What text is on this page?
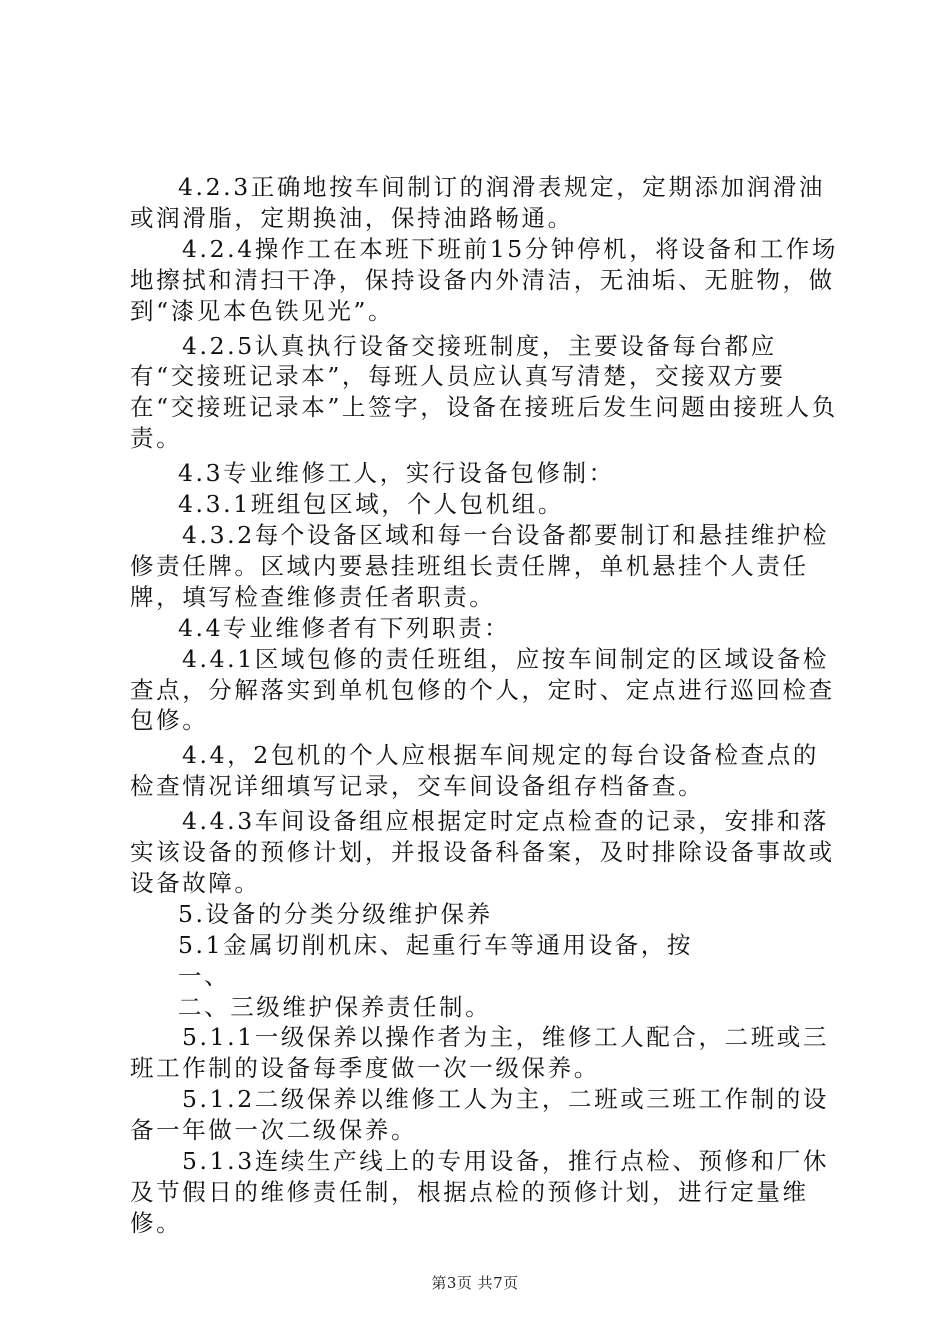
4.2.3正确地按车间制订的润滑表规定，定期添加润滑油或润滑脂，定期换油，保持油路畅通。

4.2.4操作工在本班下班前15分钟停机，将设备和工作场地擦拭和清扫干净，保持设备内外清洁，无油垢、无脏物，做到“漆见本色铁见光”。

4.2.5认真执行设备交接班制度，主要设备每台都应有“交接班记录本”，每班人员应认真写清楚，交接双方要在“交接班记录本”上签字，设备在接班后发生问题由接班人负责。

4.3专业维修工人，实行设备包修制：

4.3.1班组包区域，个人包机组。

4.3.2每个设备区域和每一台设备都要制订和悬挂维护检修责任牌。区域内要悬挂班组长责任牌，单机悬挂个人责任牌，填写检查维修责任者职责。

4.4专业维修者有下列职责：

4.4.1区域包修的责任班组，应按车间制定的区域设备检查点，分解落实到单机包修的个人，定时、定点进行巡回检查包修。

4.4，2包机的个人应根据车间规定的每台设备检查点的检查情况详细填写记录，交车间设备组存档备查。

4.4.3车间设备组应根据定时定点检查的记录，安排和落实该设备的预修计划，并报设备科备案，及时排除设备事故或设备故障。

5.设备的分类分级维护保养

5.1金属切削机床、起重行车等通用设备，按

一、

二、三级维护保养责任制。

5.1.1一级保养以操作者为主，维修工人配合，二班或三班工作制的设备每季度做一次一级保养。

5.1.2二级保养以维修工人为主，二班或三班工作制的设备一年做一次二级保养。

5.1.3连续生产线上的专用设备，推行点检、预修和厂休及节假日的维修责任制，根据点检的预修计划，进行定量维修。

第3页 共7页
